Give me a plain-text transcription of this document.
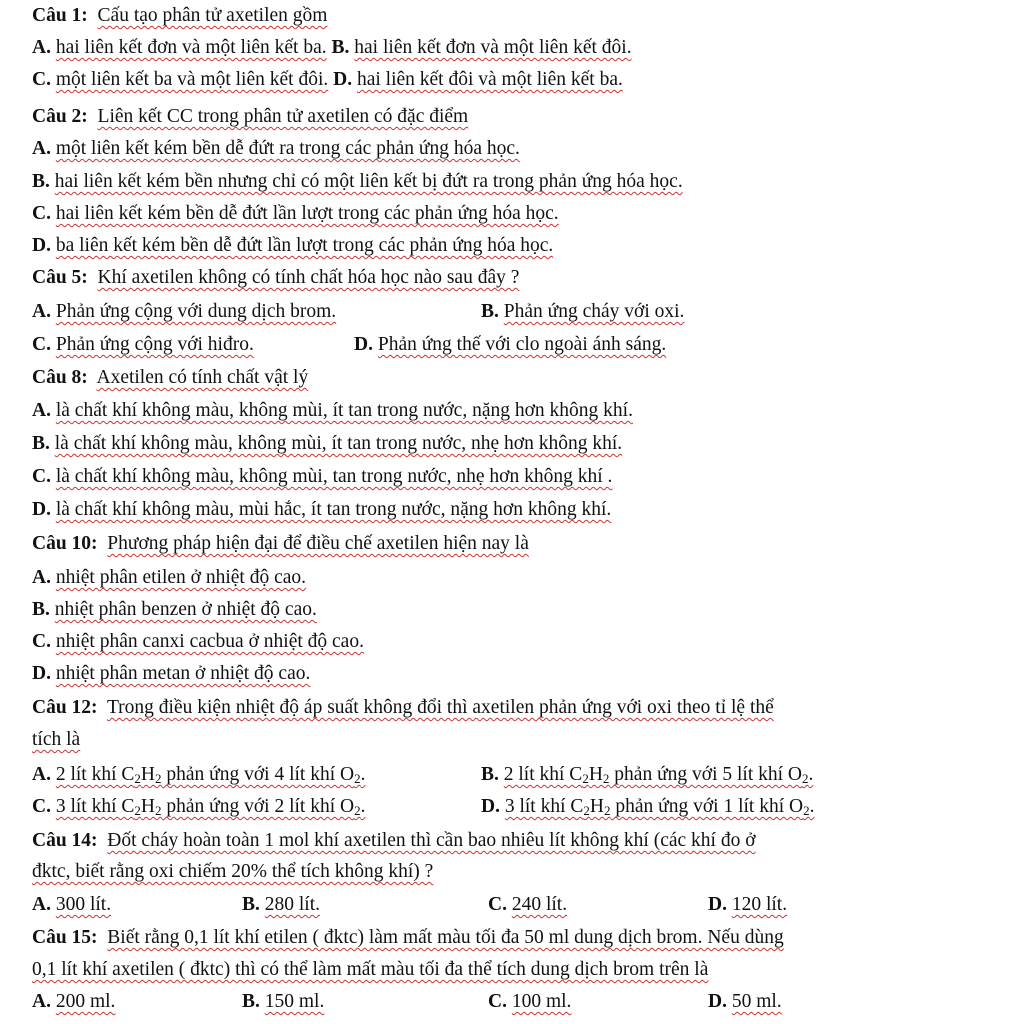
Câu 1: Cấu tạo phân tử axetilen gồm
A. hai liên kết đơn và một liên kết ba. B. hai liên kết đơn và một liên kết đôi.
C. một liên kết ba và một liên kết đôi. D. hai liên kết đôi và một liên kết ba.
Câu 2: Liên kết CC trong phân tử axetilen có đặc điểm
A. một liên kết kém bền dễ đứt ra trong các phản ứng hóa học.
B. hai liên kết kém bền nhưng chỉ có một liên kết bị đứt ra trong phản ứng hóa học.
C. hai liên kết kém bền dễ đứt lần lượt trong các phản ứng hóa học.
D. ba liên kết kém bền dễ đứt lần lượt trong các phản ứng hóa học.
Câu 5: Khí axetilen không có tính chất hóa học nào sau đây ?
A. Phản ứng cộng với dung dịch brom.	B. Phản ứng cháy với oxi.
C. Phản ứng cộng với hiđro.	D. Phản ứng thế với clo ngoài ánh sáng.
Câu 8: Axetilen có tính chất vật lý
A. là chất khí không màu, không mùi, ít tan trong nước, nặng hơn không khí.
B. là chất khí không màu, không mùi, ít tan trong nước, nhẹ hơn không khí.
C. là chất khí không màu, không mùi, tan trong nước, nhẹ hơn không khí .
D. là chất khí không màu, mùi hắc, ít tan trong nước, nặng hơn không khí.
Câu 10: Phương pháp hiện đại để điều chế axetilen hiện nay là
A. nhiệt phân etilen ở nhiệt độ cao.
B. nhiệt phân benzen ở nhiệt độ cao.
C. nhiệt phân canxi cacbua ở nhiệt độ cao.
D. nhiệt phân metan ở nhiệt độ cao.
Câu 12: Trong điều kiện nhiệt độ áp suất không đổi thì axetilen phản ứng với oxi theo tỉ lệ thể
tích là
A. 2 lít khí $C_2H_2$ phản ứng với 4 lít khí $O_2$.	B. 2 lít khí $C_2H_2$ phản ứng với 5 lít khí $O_2$.
C. 3 lít khí $C_2H_2$ phản ứng với 2 lít khí $O_2$.	D. 3 lít khí $C_2H_2$ phản ứng với 1 lít khí $O_2$.
Câu 14: Đốt cháy hoàn toàn 1 mol khí axetilen thì cần bao nhiêu lít không khí (các khí đo ở
đktc, biết rằng oxi chiếm 20% thể tích không khí) ?
A. 300 lít.	B. 280 lít.	C. 240 lít.	D. 120 lít.
Câu 15: Biết rằng 0,1 lít khí etilen ( đktc) làm mất màu tối đa 50 ml dung dịch brom. Nếu dùng
0,1 lít khí axetilen ( đktc) thì có thể làm mất màu tối đa thể tích dung dịch brom trên là
A. 200 ml.	B. 150 ml.	C. 100 ml.	D. 50 ml.
